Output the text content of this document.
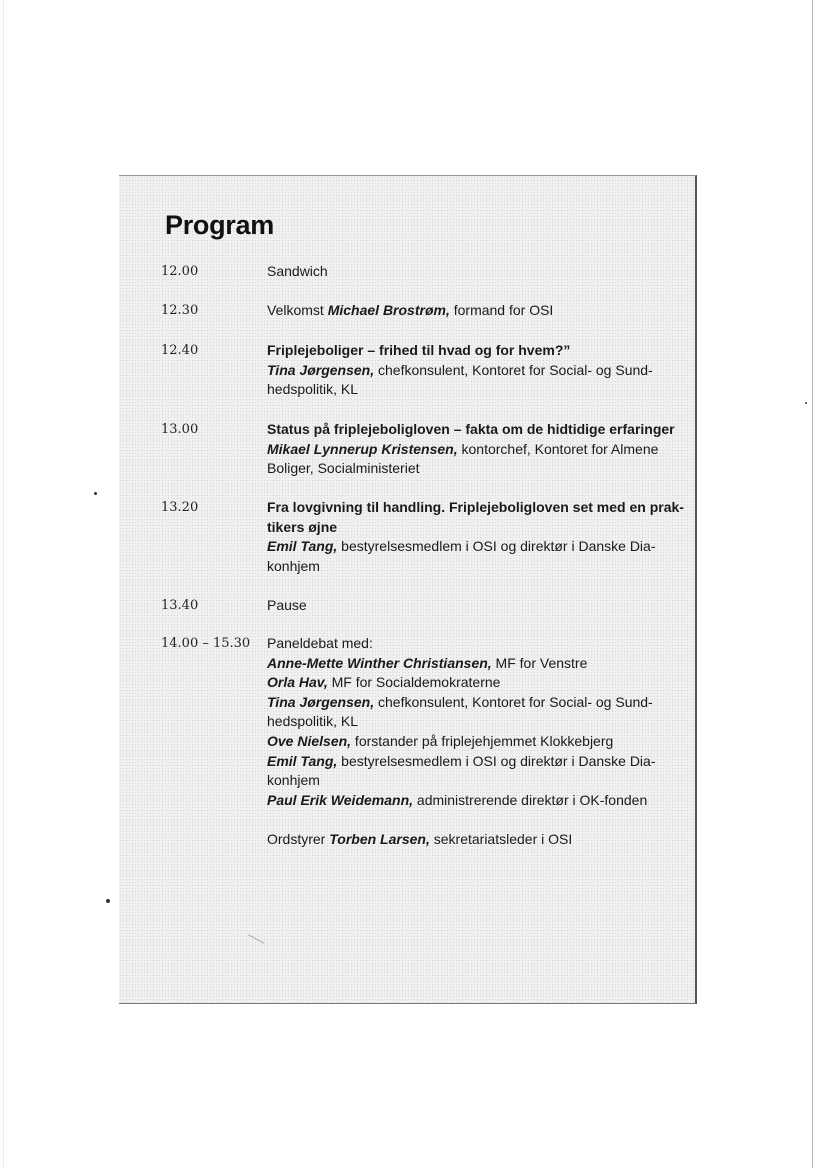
Program
12.00	Sandwich
12.30	Velkomst Michael Brostrøm, formand for OSI
12.40	Friplejeboliger – frihed til hvad og for hvem?”
Tina Jørgensen, chefkonsulent, Kontoret for Social- og Sund-
hedspolitik, KL
13.00	Status på friplejeboligloven – fakta om de hidtidige erfaringer
Mikael Lynnerup Kristensen, kontorchef, Kontoret for Almene
Boliger, Socialministeriet
13.20	Fra lovgivning til handling. Friplejeboligloven set med en prak-
tikers øjne
Emil Tang, bestyrelsesmedlem i OSI og direktør i Danske Dia-
konhjem
13.40	Pause
14.00 – 15.30 Paneldebat med:
Anne-Mette Winther Christiansen, MF for Venstre
Orla Hav, MF for Socialdemokraterne
Tina Jørgensen, chefkonsulent, Kontoret for Social- og Sund-
hedspolitik, KL
Ove Nielsen, forstander på friplejehjemmet Klokkebjerg
Emil Tang, bestyrelsesmedlem i OSI og direktør i Danske Dia-
konhjem
Paul Erik Weidemann, administrerende direktør i OK-fonden
Ordstyrer Torben Larsen, sekretariatsleder i OSI
